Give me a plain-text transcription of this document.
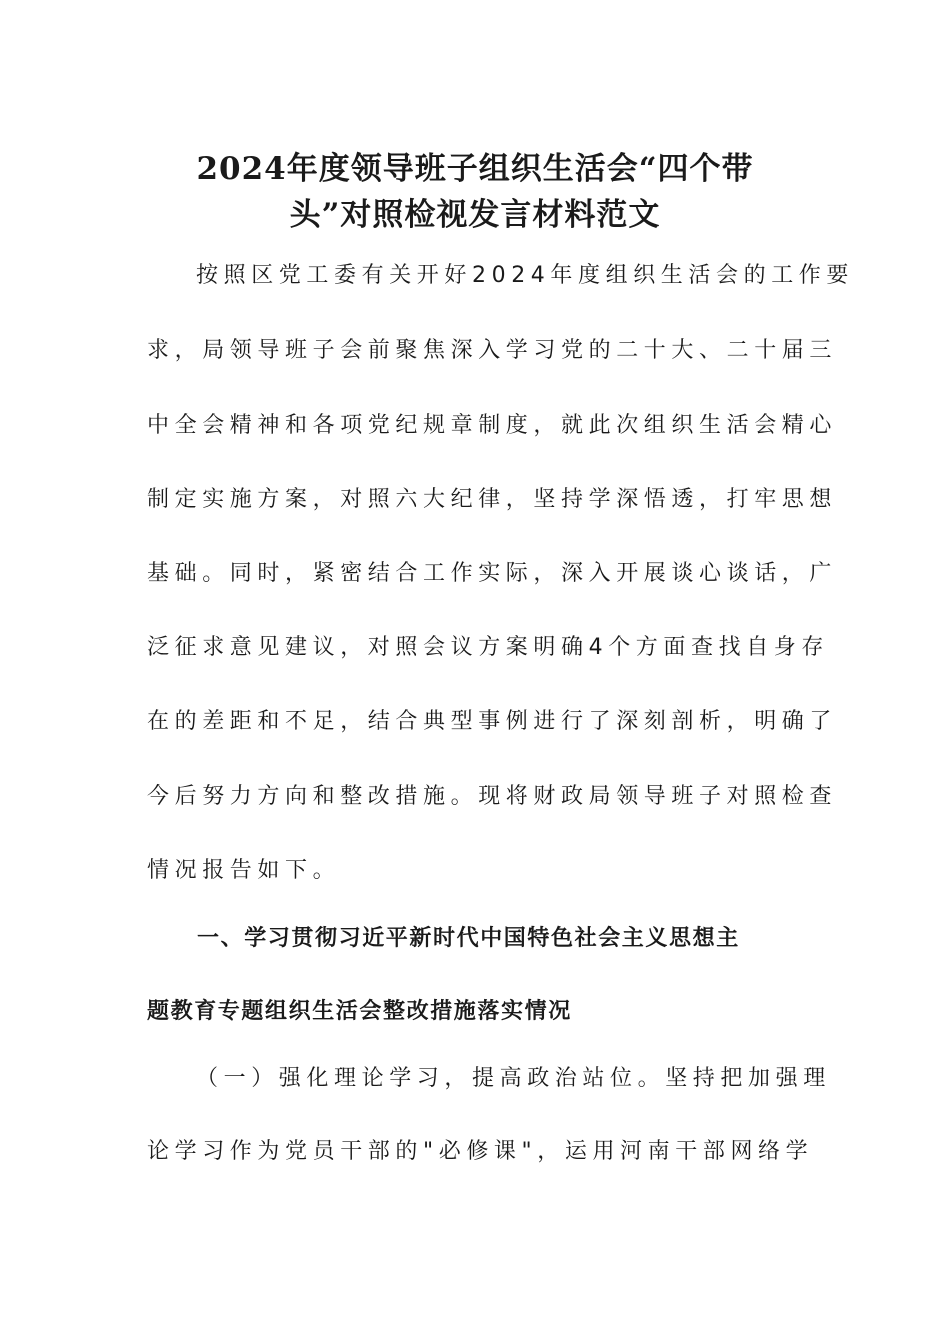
2024年度领导班子组织生活会“四个带
头”对照检视发言材料范文

按照区党工委有关开好2024年度组织生活会的工作要

求，局领导班子会前聚焦深入学习党的二十大、二十届三

中全会精神和各项党纪规章制度，就此次组织生活会精心

制定实施方案，对照六大纪律，坚持学深悟透，打牢思想

基础。同时，紧密结合工作实际，深入开展谈心谈话，广

泛征求意见建议，对照会议方案明确4个方面查找自身存

在的差距和不足，结合典型事例进行了深刻剖析，明确了

今后努力方向和整改措施。现将财政局领导班子对照检查

情况报告如下。

一、学习贯彻习近平新时代中国特色社会主义思想主
题教育专题组织生活会整改措施落实情况

（一）强化理论学习，提高政治站位。坚持把加强理

论学习作为党员干部的"必修课"，运用河南干部网络学
